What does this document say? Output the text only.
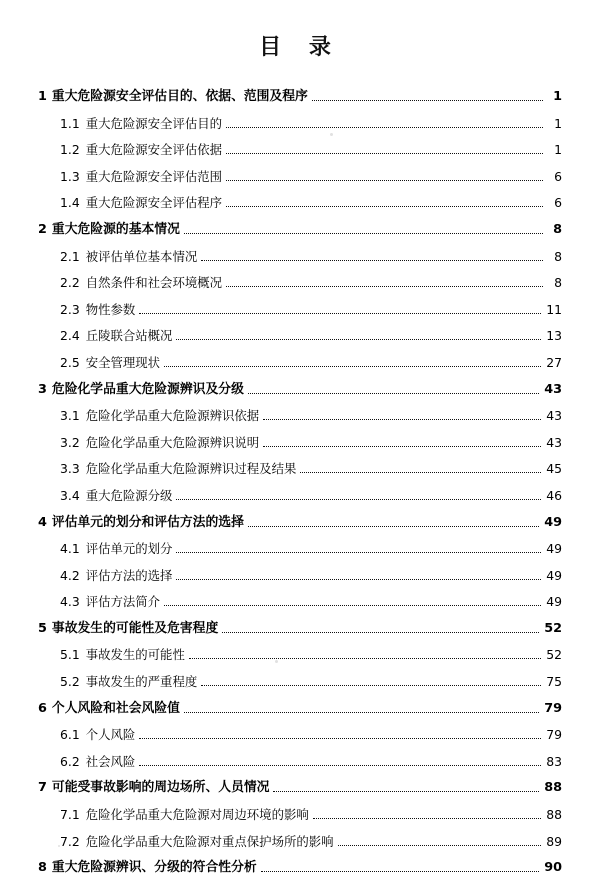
目 录
1 重大危险源安全评估目的、依据、范围及程序	1
1.1 重大危险源安全评估目的	1
1.2 重大危险源安全评估依据	1
1.3 重大危险源安全评估范围	6
1.4 重大危险源安全评估程序	6
2 重大危险源的基本情况	8
2.1 被评估单位基本情况	8
2.2 自然条件和社会环境概况	8
2.3 物性参数	11
2.4 丘陵联合站概况	13
2.5 安全管理现状	27
3 危险化学品重大危险源辨识及分级	43
3.1 危险化学品重大危险源辨识依据	43
3.2 危险化学品重大危险源辨识说明	43
3.3 危险化学品重大危险源辨识过程及结果	45
3.4 重大危险源分级	46
4 评估单元的划分和评估方法的选择	49
4.1 评估单元的划分	49
4.2 评估方法的选择	49
4.3 评估方法简介	49
5 事故发生的可能性及危害程度	52
5.1 事故发生的可能性	52
5.2 事故发生的严重程度	75
6 个人风险和社会风险值	79
6.1 个人风险	79
6.2 社会风险	83
7 可能受事故影响的周边场所、人员情况	88
7.1 危险化学品重大危险源对周边环境的影响	88
7.2 危险化学品重大危险源对重点保护场所的影响	89
8 重大危险源辨识、分级的符合性分析	90
